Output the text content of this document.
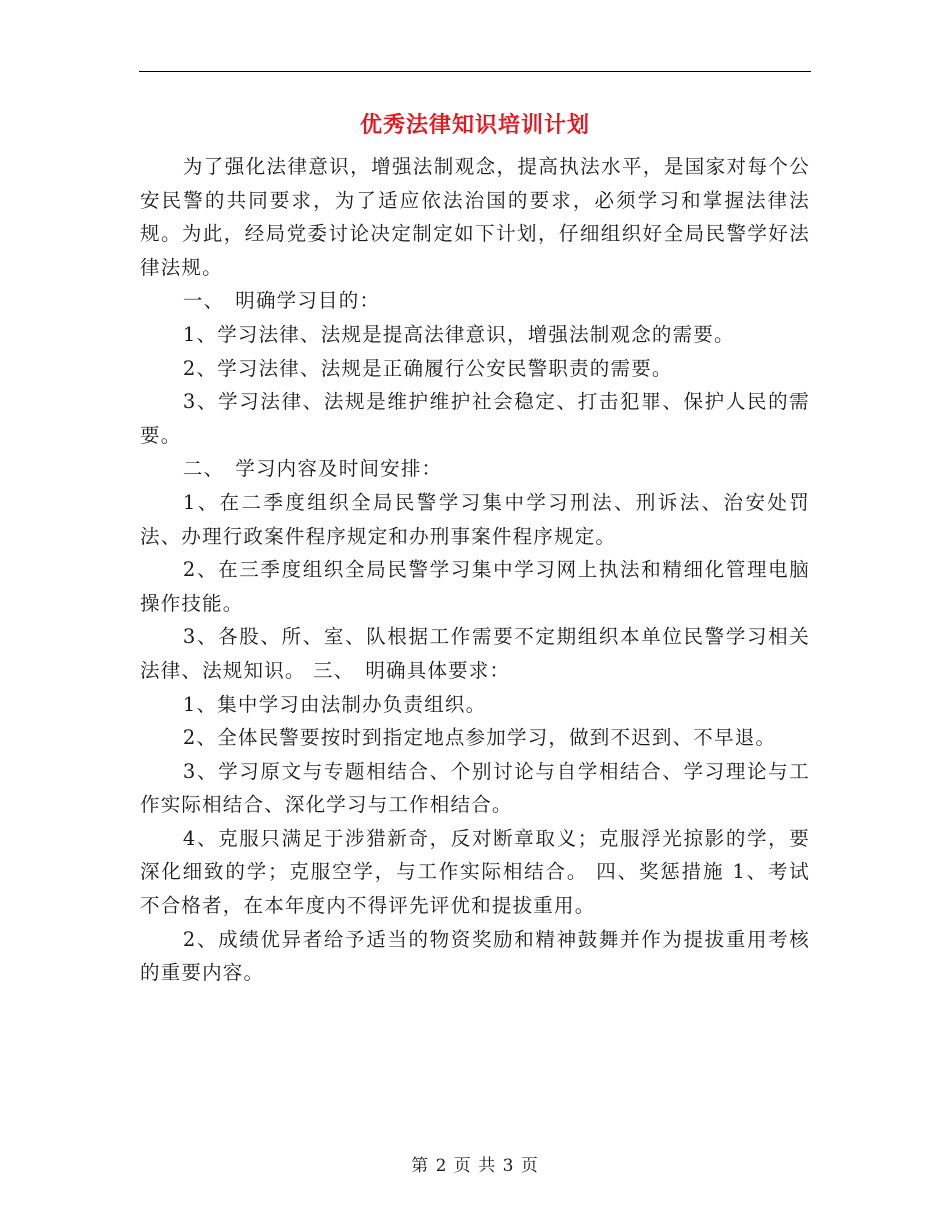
优秀法律知识培训计划

为了强化法律意识，增强法制观念，提高执法水平，是国家对每个公安民警的共同要求，为了适应依法治国的要求，必须学习和掌握法律法规。为此，经局党委讨论决定制定如下计划，仔细组织好全局民警学好法律法规。

一、　明确学习目的：

1、学习法律、法规是提高法律意识，增强法制观念的需要。

2、学习法律、法规是正确履行公安民警职责的需要。

3、学习法律、法规是维护维护社会稳定、打击犯罪、保护人民的需要。

二、　学习内容及时间安排：

1、在二季度组织全局民警学习集中学习刑法、刑诉法、治安处罚法、办理行政案件程序规定和办刑事案件程序规定。

2、在三季度组织全局民警学习集中学习网上执法和精细化管理电脑操作技能。

3、各股、所、室、队根据工作需要不定期组织本单位民警学习相关法律、法规知识。 三、　明确具体要求：

1、集中学习由法制办负责组织。

2、全体民警要按时到指定地点参加学习，做到不迟到、不早退。

3、学习原文与专题相结合、个别讨论与自学相结合、学习理论与工作实际相结合、深化学习与工作相结合。

4、克服只满足于涉猎新奇，反对断章取义；克服浮光掠影的学，要深化细致的学；克服空学，与工作实际相结合。 四、奖惩措施 1、考试不合格者，在本年度内不得评先评优和提拔重用。

2、成绩优异者给予适当的物资奖励和精神鼓舞并作为提拔重用考核的重要内容。

第 2 页 共 3 页
